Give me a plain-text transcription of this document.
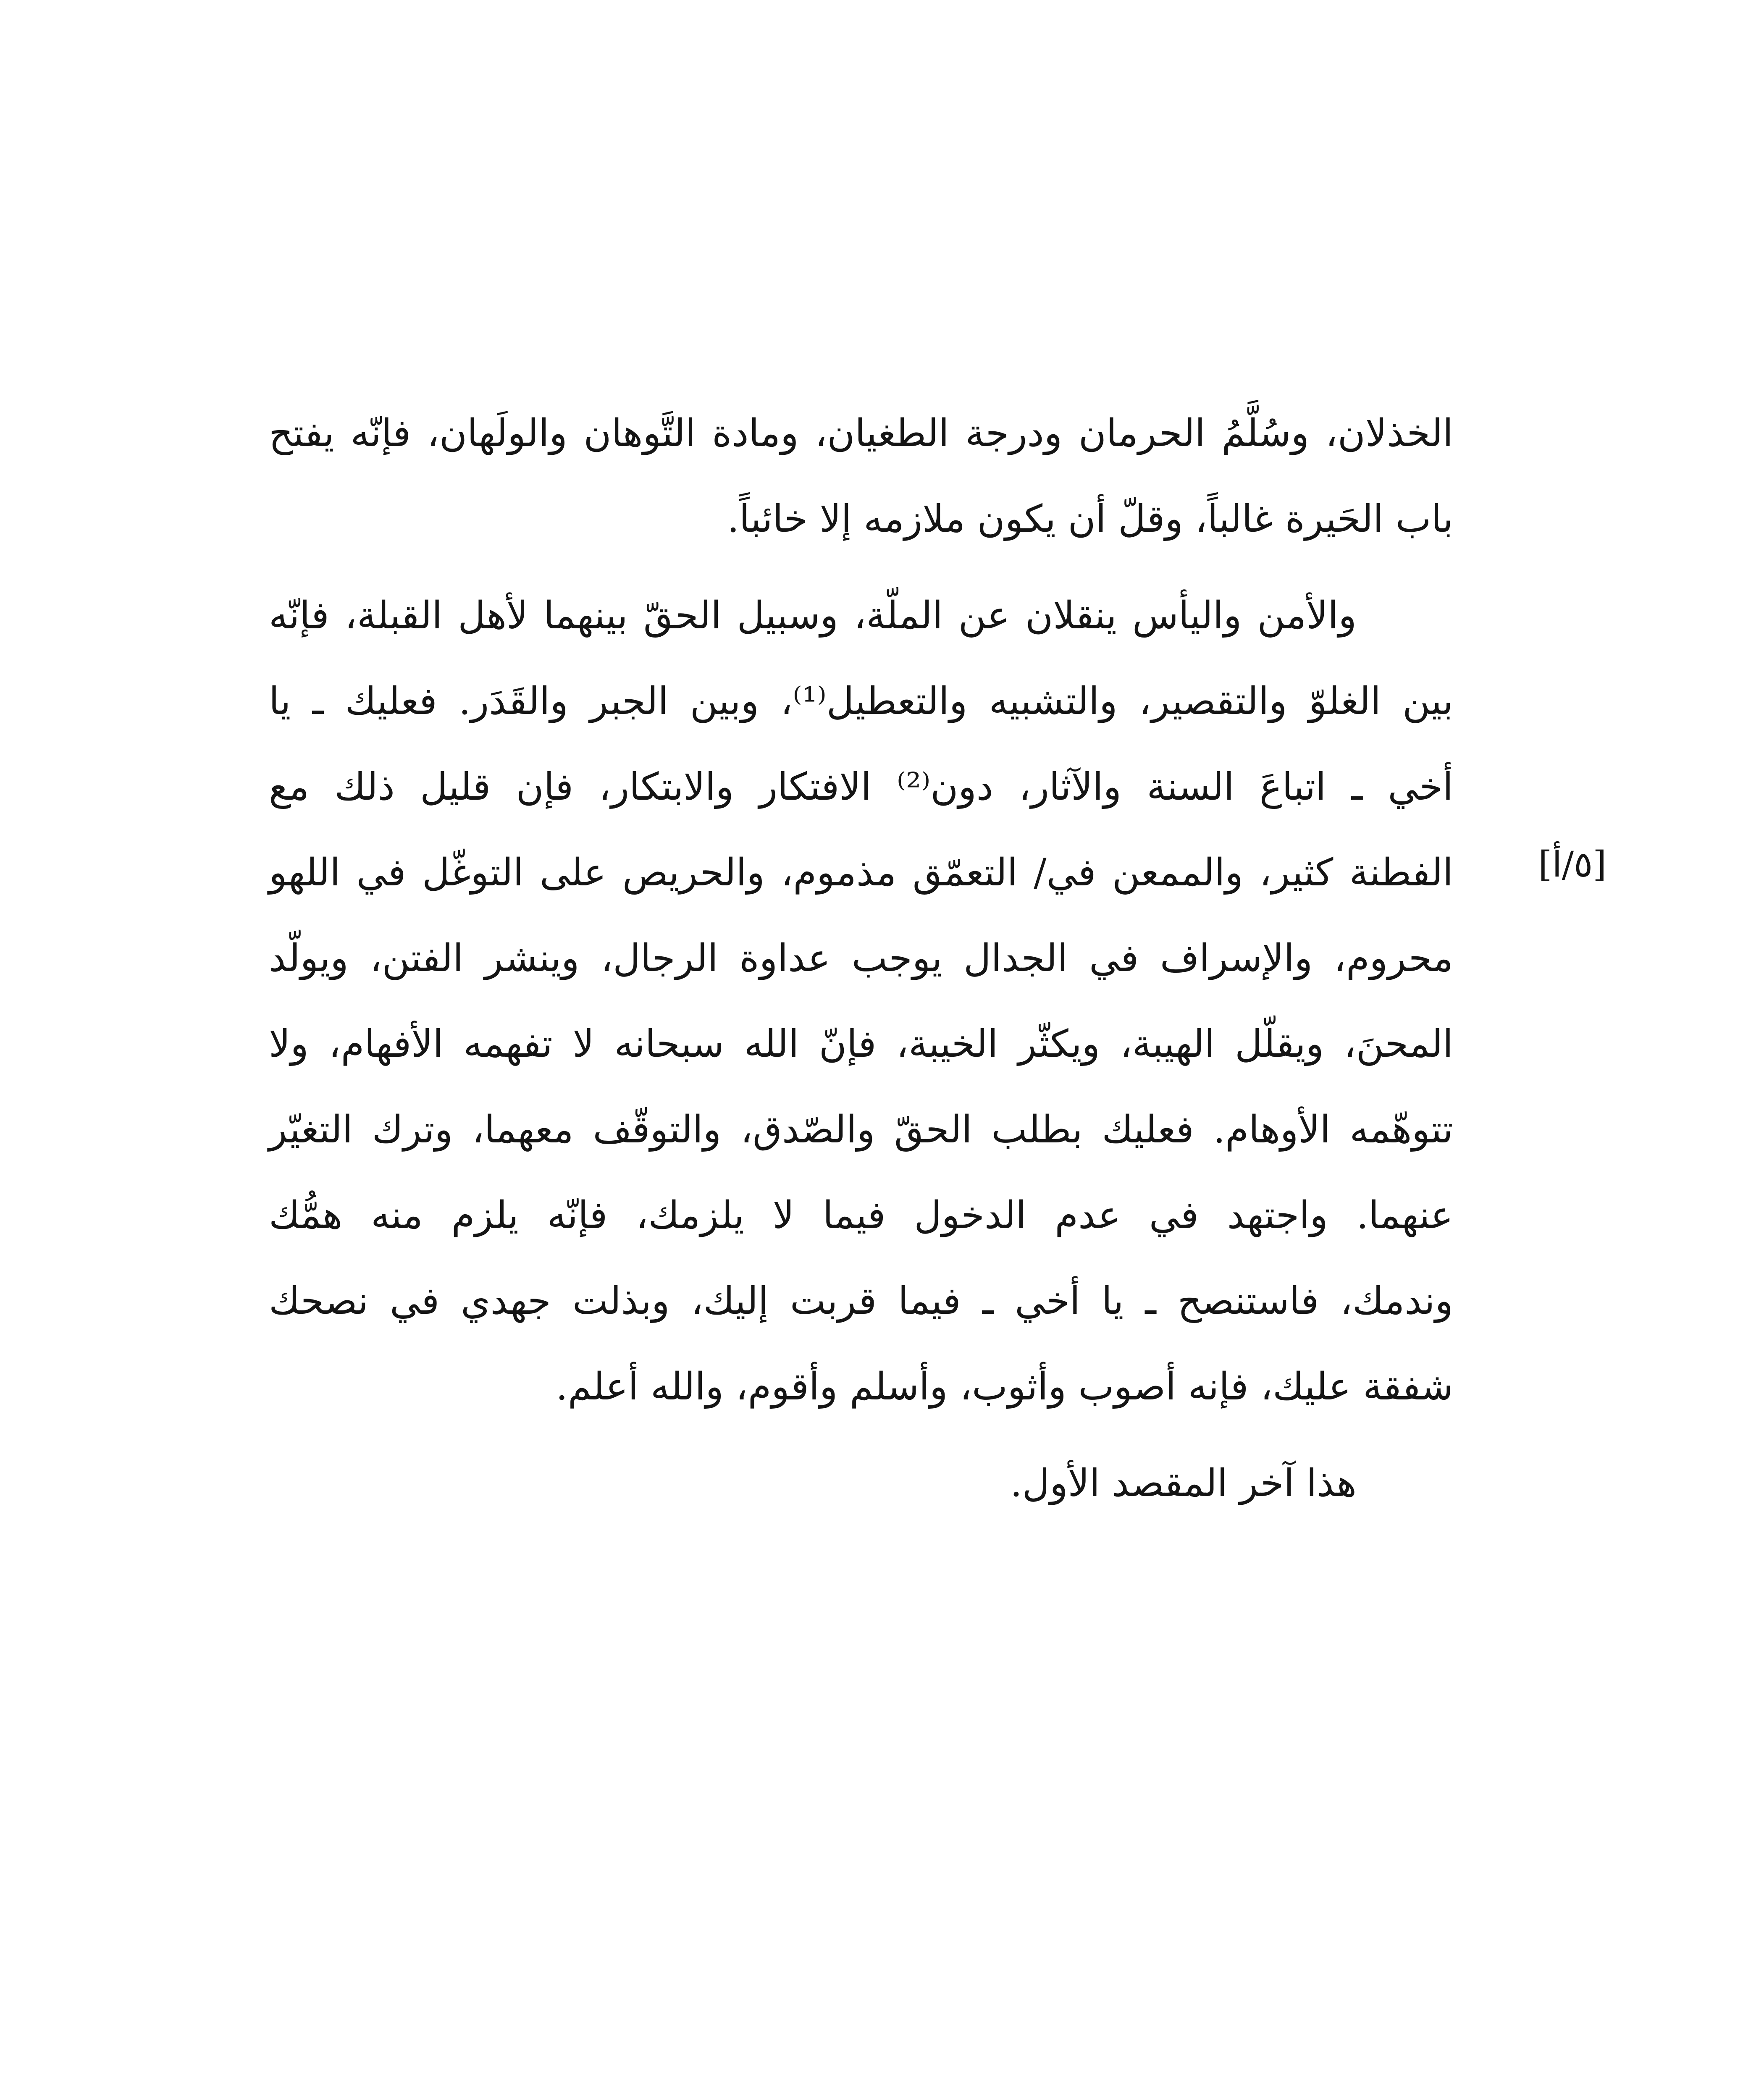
الخذلان، وسُلَّمُ الحرمان ودرجة الطغيان، ومادة التَّوهان والولَهان، فإنّه يفتح
باب الحَيرة غالباً، وقلّ أن يكون ملازمه إلا خائباً.
والأمن واليأس ينقلان عن الملّة، وسبيل الحقّ بينهما لأهل القبلة، فإنّه
بين الغلوّ والتقصير، والتشبيه والتعطيل⁽¹⁾، وبين الجبر والقَدَر. فعليك ـ يا
أخي ـ اتباعَ السنة والآثار، دون⁽²⁾ الافتكار والابتكار، فإن قليل ذلك مع
الفطنة كثير، والممعن في/ التعمّق مذموم، والحريص على التوغّل في اللهو
محروم، والإسراف في الجدال يوجب عداوة الرجال، وينشر الفتن، ويولّد
المحنَ، ويقلّل الهيبة، ويكثّر الخيبة، فإنّ الله سبحانه لا تفهمه الأفهام، ولا
تتوهّمه الأوهام. فعليك بطلب الحقّ والصّدق، والتوقّف معهما، وترك التغيّر
عنهما. واجتهد في عدم الدخول فيما لا يلزمك، فإنّه يلزم منه همُّك
وندمك، فاستنصح ـ يا أخي ـ فيما قربت إليك، وبذلت جهدي في نصحك
شفقة عليك، فإنه أصوب وأثوب، وأسلم وأقوم، والله أعلم.
هذا آخر المقصد الأول.
[٥/أ]
